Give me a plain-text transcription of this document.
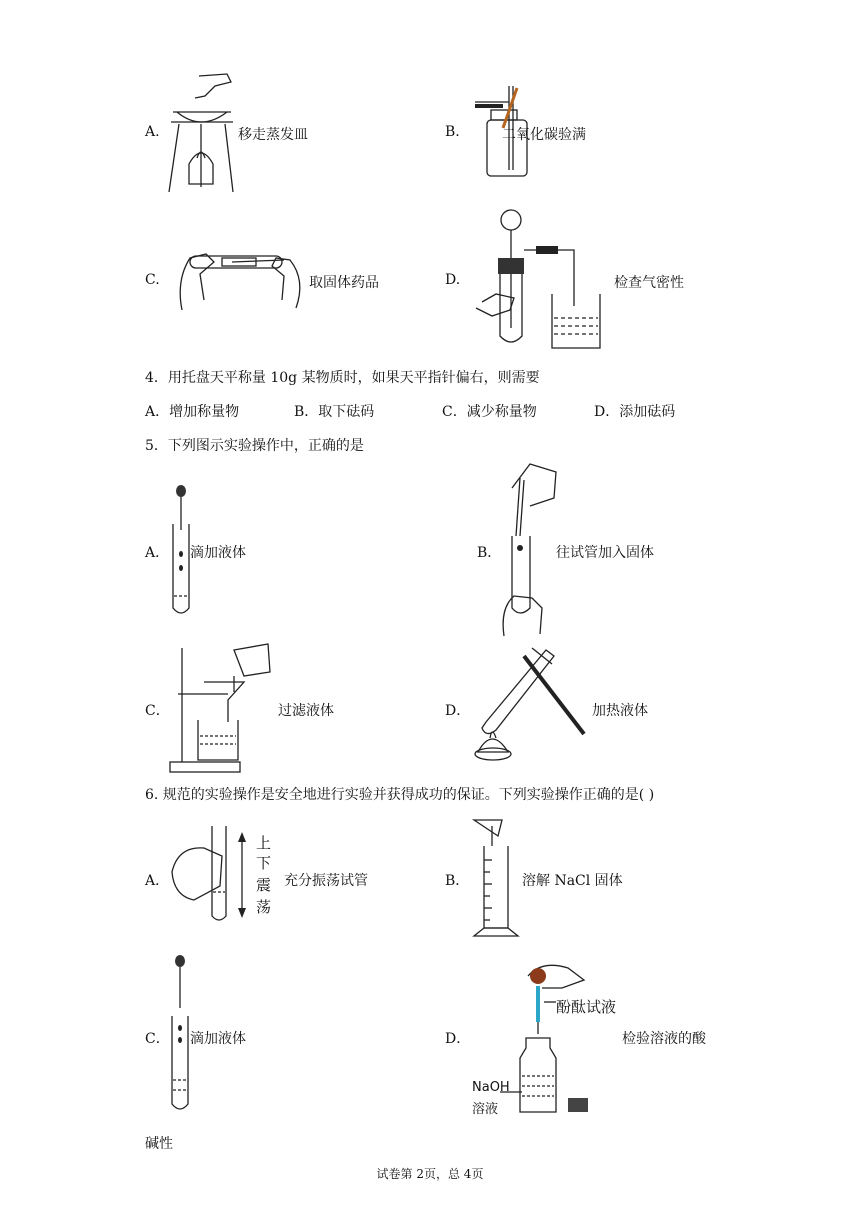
A.	移走蒸发皿	B.	二氧化碳验满
C.	取固体药品	D.	检查气密性
4．用托盘天平称量 10g 某物质时，如果天平指针偏右，则需要
A．增加称量物	B．取下砝码	C．减少称量物	D．添加砝码
5．下列图示实验操作中，正确的是
A． 滴加液体	B．	往试管加入固体
C．	过滤液体	D．	加热液体
6. 规范的实验操作是安全地进行实验并获得成功的保证。下列实验操作正确的是( )
A．
上
下
震
荡
充分振荡试管	B．	溶解 NaCl 固体
C． 滴加液体	D．
酚酞试液
NaOH
溶液
检验溶液的酸
碱性
试卷第 2页，总 4页
